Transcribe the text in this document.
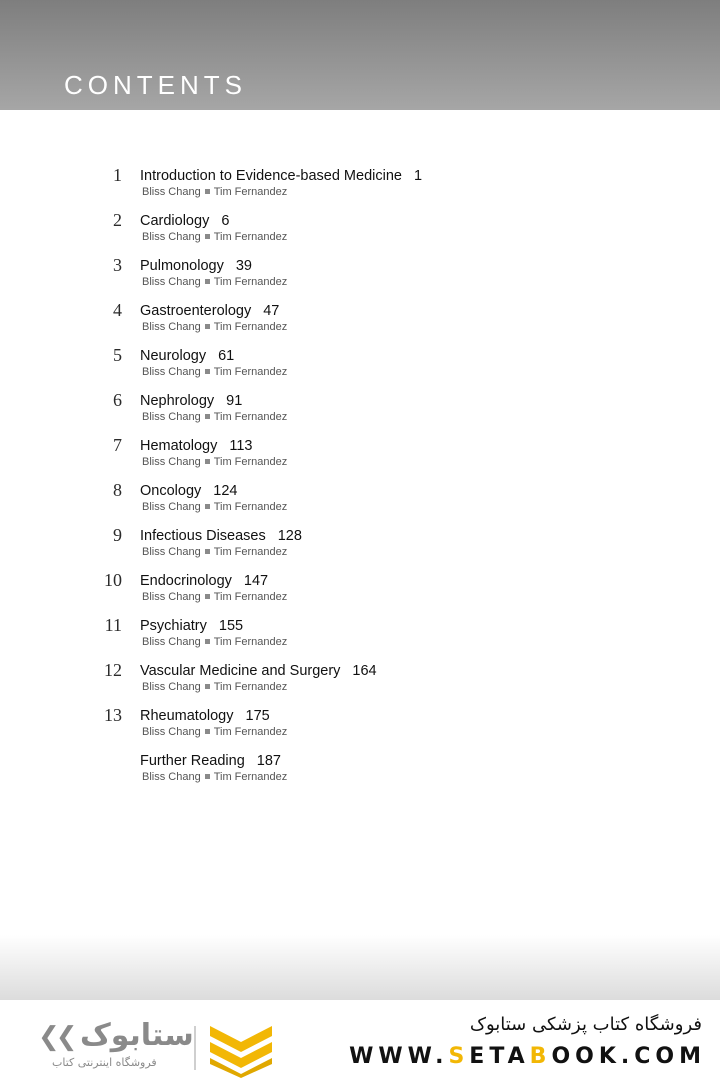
CONTENTS
1 Introduction to Evidence-based Medicine 1
Bliss Chang Tim Fernandez
2 Cardiology 6
Bliss Chang Tim Fernandez
3 Pulmonology 39
Bliss Chang Tim Fernandez
4 Gastroenterology 47
Bliss Chang Tim Fernandez
5 Neurology 61
Bliss Chang Tim Fernandez
6 Nephrology 91
Bliss Chang Tim Fernandez
7 Hematology 113
Bliss Chang Tim Fernandez
8 Oncology 124
Bliss Chang Tim Fernandez
9 Infectious Diseases 128
Bliss Chang Tim Fernandez
10 Endocrinology 147
Bliss Chang Tim Fernandez
11 Psychiatry 155
Bliss Chang Tim Fernandez
12 Vascular Medicine and Surgery 164
Bliss Chang Tim Fernandez
13 Rheumatology 175
Bliss Chang Tim Fernandez
Further Reading 187
Bliss Chang Tim Fernandez
❮❮ ستابوک
فروشگاه اینترنتی کتاب
فروشگاه کتاب پزشکی ستابوک
WWW.SETABOOK.COM
